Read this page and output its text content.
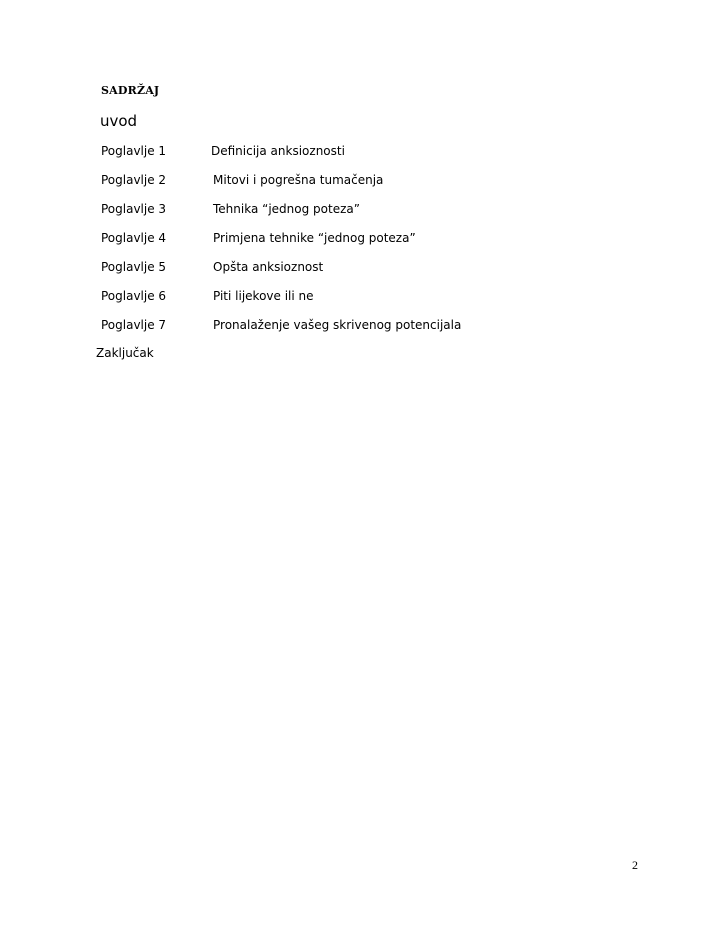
SADRŽAJ
uvod
Poglavlje 1	Definicija anksioznosti
Poglavlje 2	Mitovi i pogrešna tumačenja
Poglavlje 3	Tehnika “jednog poteza”
Poglavlje 4	Primjena tehnike “jednog poteza”
Poglavlje 5	Opšta anksioznost
Poglavlje 6	Piti lijekove ili ne
Poglavlje 7	Pronalaženje vašeg skrivenog potencijala
Zaključak
2
